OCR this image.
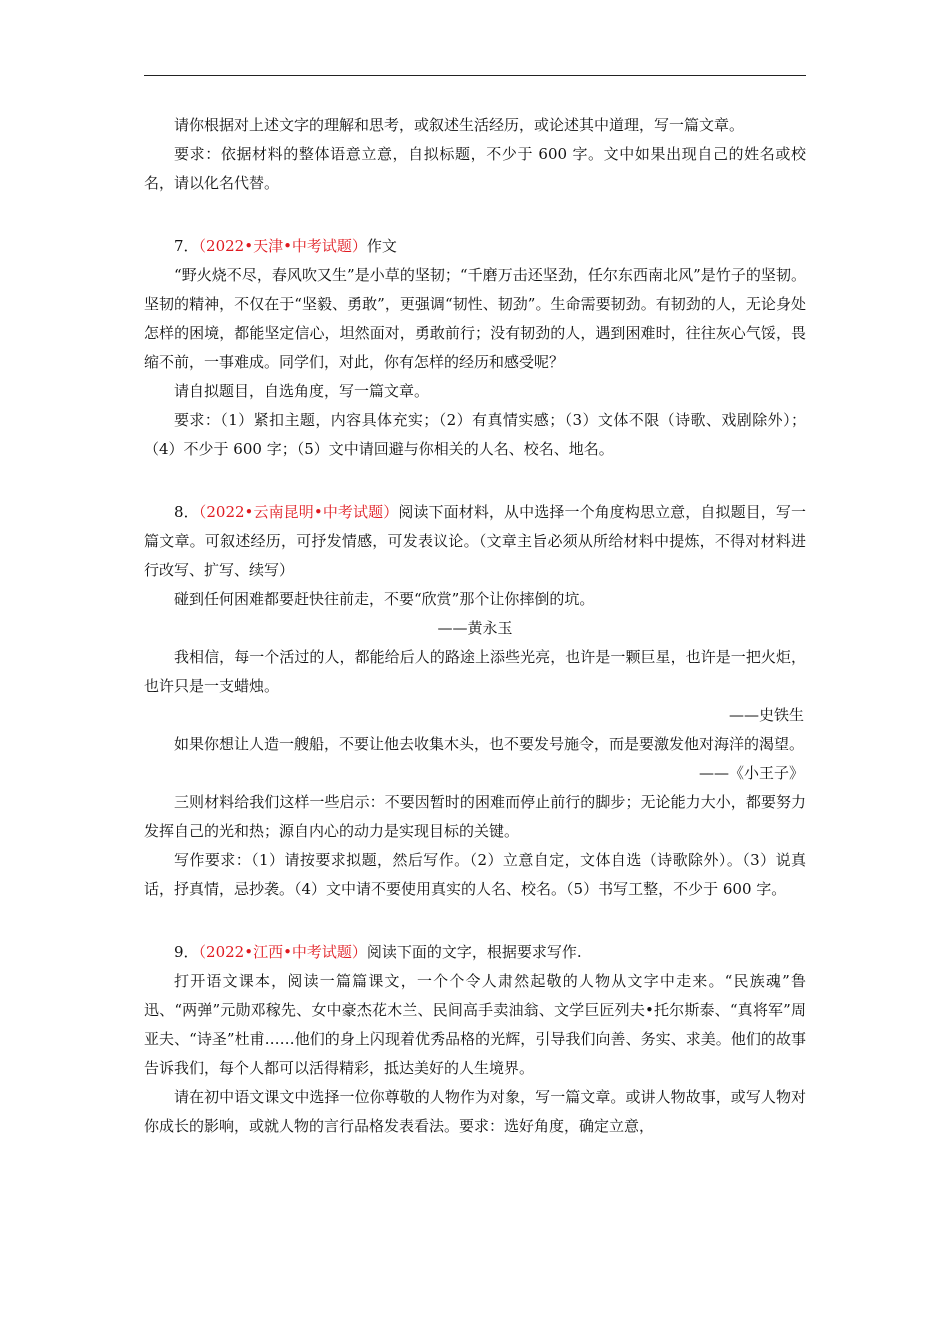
请你根据对上述文字的理解和思考，或叙述生活经历，或论述其中道理，写一篇文章。

要求：依据材料的整体语意立意，自拟标题，不少于 600 字。文中如果出现自己的姓名或校名，请以化名代替。

7．（2022•天津•中考试题）作文

“野火烧不尽，春风吹又生”是小草的坚韧；“千磨万击还坚劲，任尔东西南北风”是竹子的坚韧。坚韧的精神，不仅在于“坚毅、勇敢”，更强调“韧性、韧劲”。生命需要韧劲。有韧劲的人，无论身处怎样的困境，都能坚定信心，坦然面对，勇敢前行；没有韧劲的人，遇到困难时，往往灰心气馁，畏缩不前，一事难成。同学们，对此，你有怎样的经历和感受呢？

请自拟题目，自选角度，写一篇文章。

要求：（1）紧扣主题，内容具体充实；（2）有真情实感；（3）文体不限（诗歌、戏剧除外）；（4）不少于 600 字；（5）文中请回避与你相关的人名、校名、地名。

8．（2022•云南昆明•中考试题）阅读下面材料，从中选择一个角度构思立意，自拟题目，写一篇文章。可叙述经历，可抒发情感，可发表议论。（文章主旨必须从所给材料中提炼，不得对材料进行改写、扩写、续写）

碰到任何困难都要赶快往前走，不要“欣赏”那个让你摔倒的坑。

——黄永玉

我相信，每一个活过的人，都能给后人的路途上添些光亮，也许是一颗巨星，也许是一把火炬，也许只是一支蜡烛。

——史铁生

如果你想让人造一艘船，不要让他去收集木头，也不要发号施令，而是要激发他对海洋的渴望。

——《小王子》

三则材料给我们这样一些启示：不要因暂时的困难而停止前行的脚步；无论能力大小，都要努力发挥自己的光和热；源自内心的动力是实现目标的关键。

写作要求：（1）请按要求拟题，然后写作。（2）立意自定，文体自选（诗歌除外）。（3）说真话，抒真情，忌抄袭。（4）文中请不要使用真实的人名、校名。（5）书写工整，不少于 600 字。

9．（2022•江西•中考试题）阅读下面的文字，根据要求写作.

打开语文课本，阅读一篇篇课文，一个个令人肃然起敬的人物从文字中走来。“民族魂”鲁迅、“两弹”元勋邓稼先、女中豪杰花木兰、民间高手卖油翁、文学巨匠列夫•托尔斯泰、“真将军”周亚夫、“诗圣”杜甫……他们的身上闪现着优秀品格的光辉，引导我们向善、务实、求美。他们的故事告诉我们，每个人都可以活得精彩，抵达美好的人生境界。

请在初中语文课文中选择一位你尊敬的人物作为对象，写一篇文章。或讲人物故事，或写人物对你成长的影响，或就人物的言行品格发表看法。要求：选好角度，确定立意，
